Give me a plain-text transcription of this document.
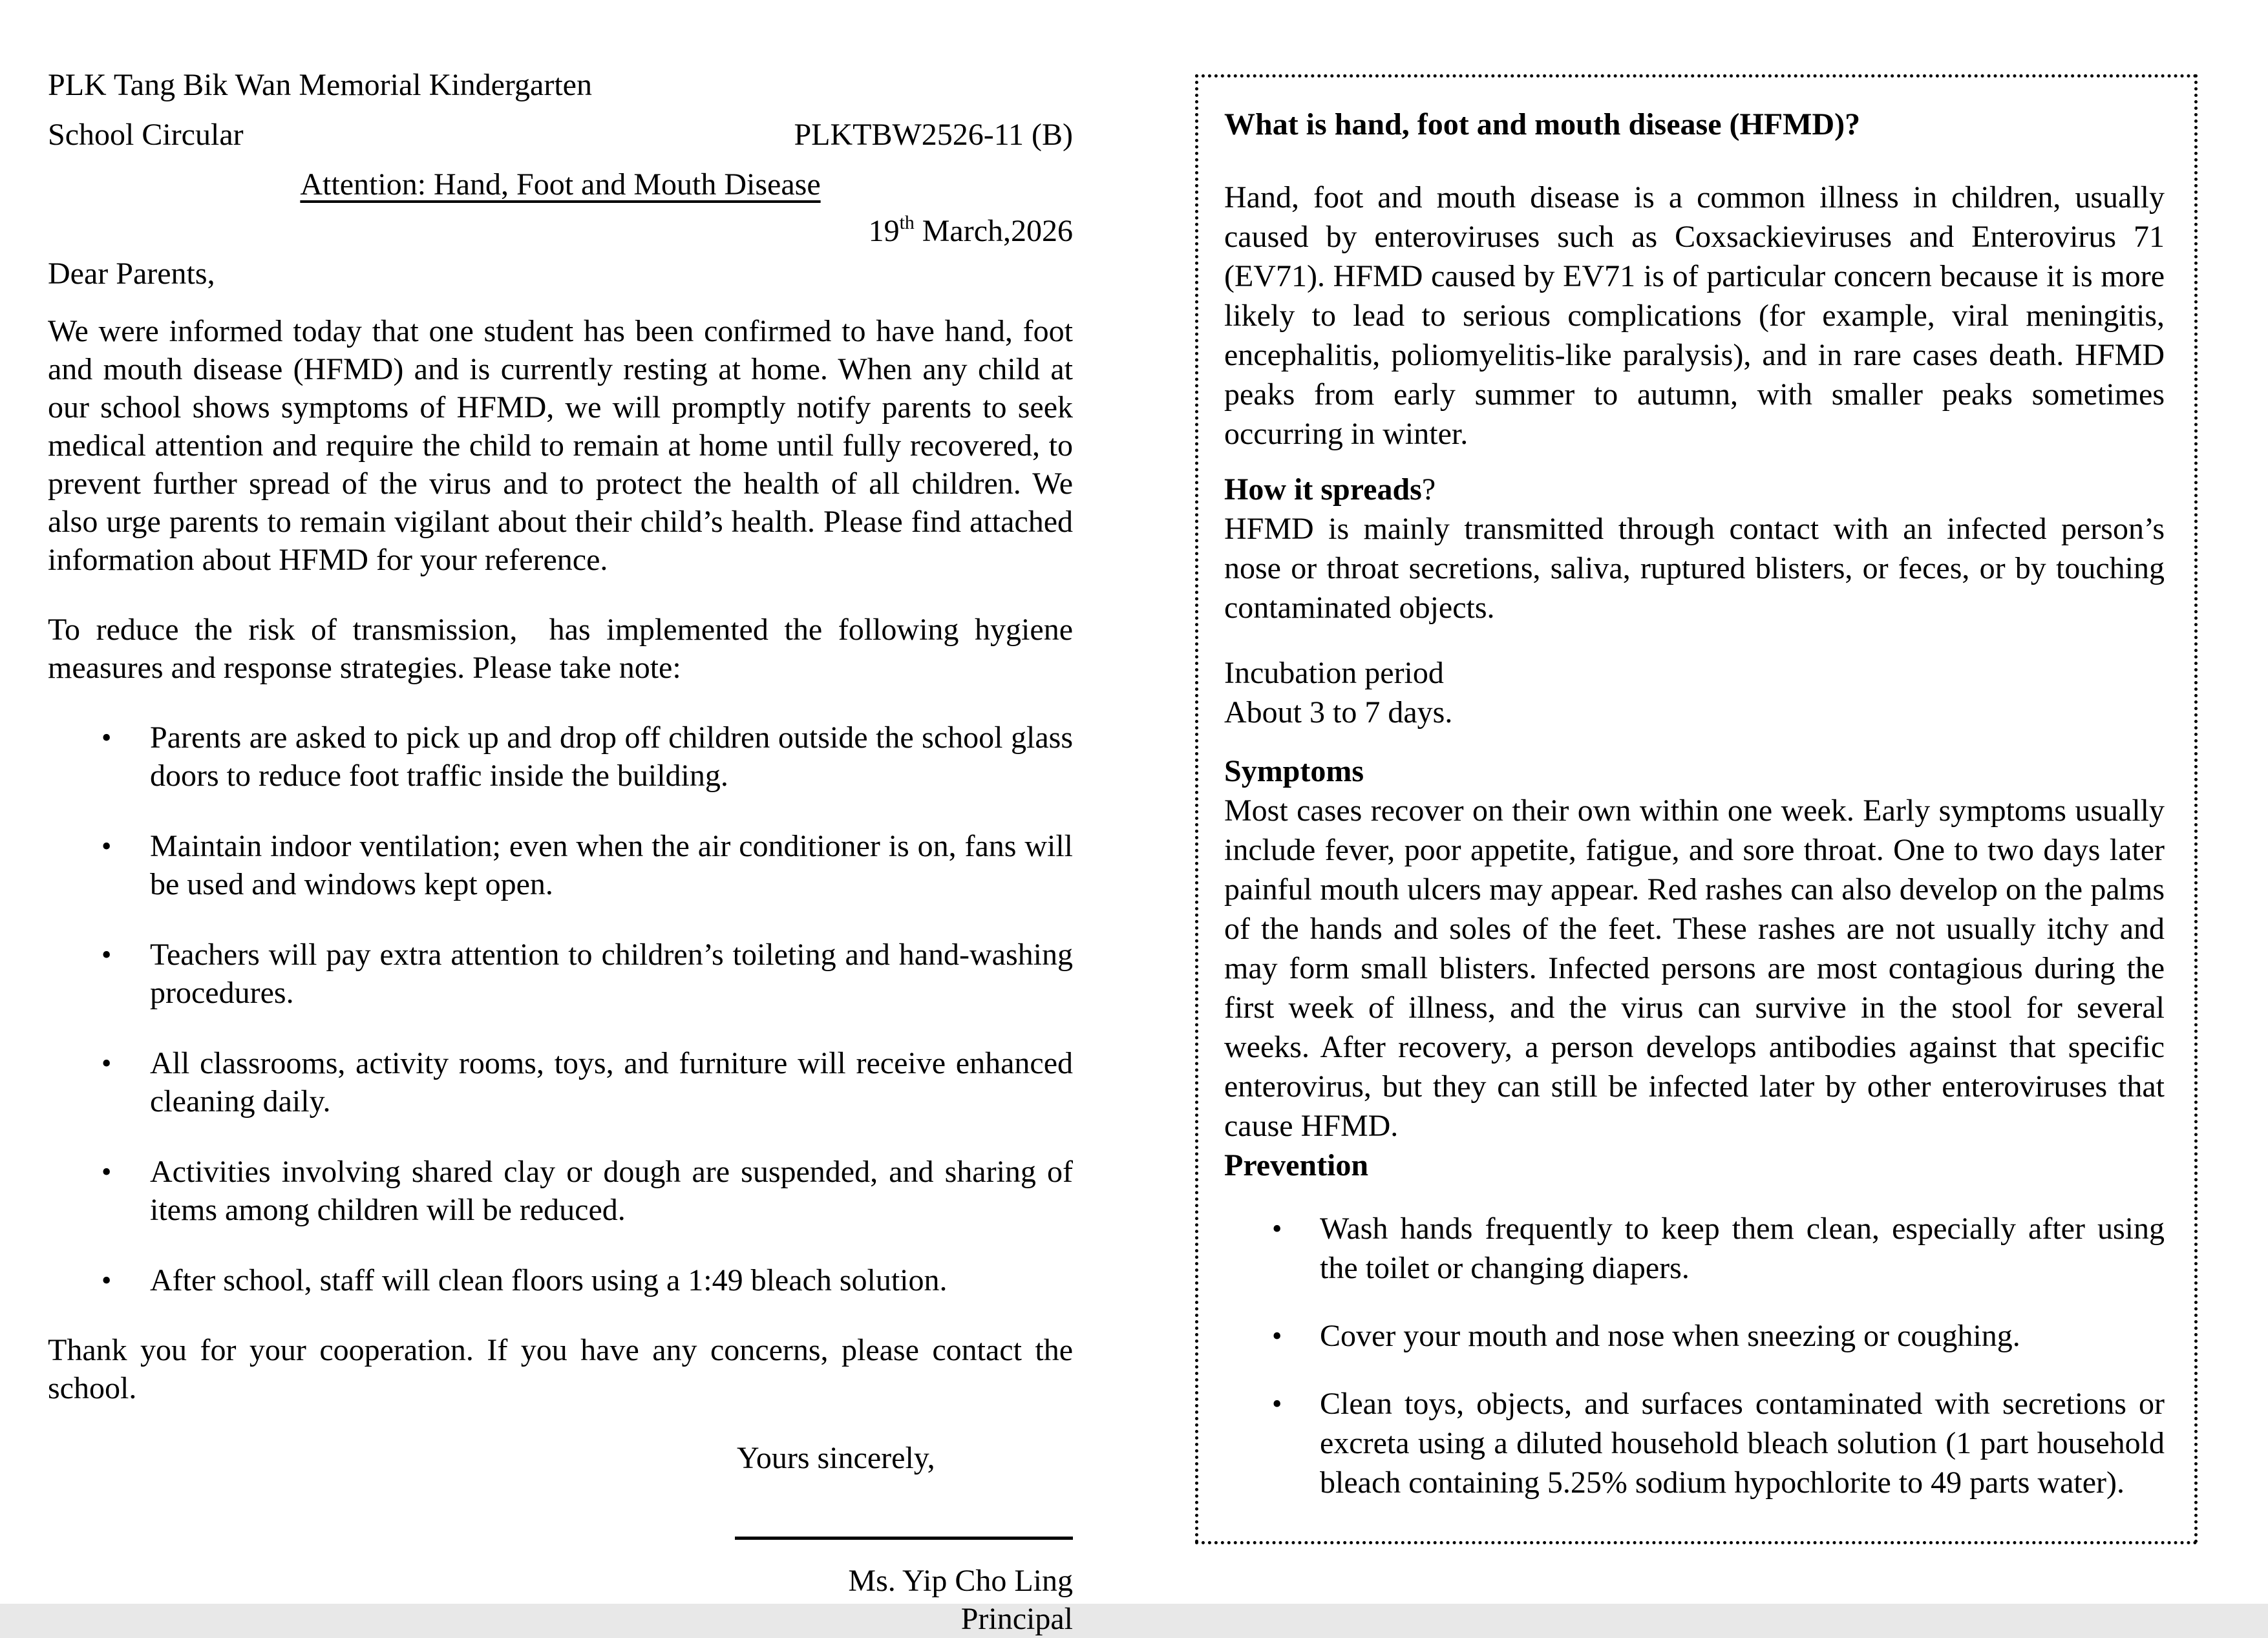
PLK Tang Bik Wan Memorial Kindergarten
School Circular	PLKTBW2526-11 (B)
Attention: Hand, Foot and Mouth Disease
19th March,2026
Dear Parents,

We were informed today that one student has been confirmed to have hand, foot and mouth disease (HFMD) and is currently resting at home. When any child at our school shows symptoms of HFMD, we will promptly notify parents to seek medical attention and require the child to remain at home until fully recovered, to prevent further spread of the virus and to protect the health of all children. We also urge parents to remain vigilant about their child’s health. Please find attached information about HFMD for your reference.

To reduce the risk of transmission,  has implemented the following hygiene measures and response strategies. Please take note:

• Parents are asked to pick up and drop off children outside the school glass doors to reduce foot traffic inside the building.
• Maintain indoor ventilation; even when the air conditioner is on, fans will be used and windows kept open.
• Teachers will pay extra attention to children’s toileting and hand-washing procedures.
• All classrooms, activity rooms, toys, and furniture will receive enhanced cleaning daily.
• Activities involving shared clay or dough are suspended, and sharing of items among children will be reduced.
• After school, staff will clean floors using a 1:49 bleach solution.

Thank you for your cooperation. If you have any concerns, please contact the school.

Yours sincerely,
Ms. Yip Cho Ling
Principal
What is hand, foot and mouth disease (HFMD)?

Hand, foot and mouth disease is a common illness in children, usually caused by enteroviruses such as Coxsackieviruses and Enterovirus 71 (EV71). HFMD caused by EV71 is of particular concern because it is more likely to lead to serious complications (for example, viral meningitis, encephalitis, poliomyelitis-like paralysis), and in rare cases death. HFMD peaks from early summer to autumn, with smaller peaks sometimes occurring in winter.

How it spreads?

HFMD is mainly transmitted through contact with an infected person’s nose or throat secretions, saliva, ruptured blisters, or feces, or by touching contaminated objects.

Incubation period
About 3 to 7 days.
Symptoms

Most cases recover on their own within one week. Early symptoms usually include fever, poor appetite, fatigue, and sore throat. One to two days later painful mouth ulcers may appear. Red rashes can also develop on the palms of the hands and soles of the feet. These rashes are not usually itchy and may form small blisters. Infected persons are most contagious during the first week of illness, and the virus can survive in the stool for several weeks. After recovery, a person develops antibodies against that specific enterovirus, but they can still be infected later by other enteroviruses that cause HFMD.

Prevention
• Wash hands frequently to keep them clean, especially after using the toilet or changing diapers.
• Cover your mouth and nose when sneezing or coughing.
• Clean toys, objects, and surfaces contaminated with secretions or excreta using a diluted household bleach solution (1 part household bleach containing 5.25% sodium hypochlorite to 49 parts water).
